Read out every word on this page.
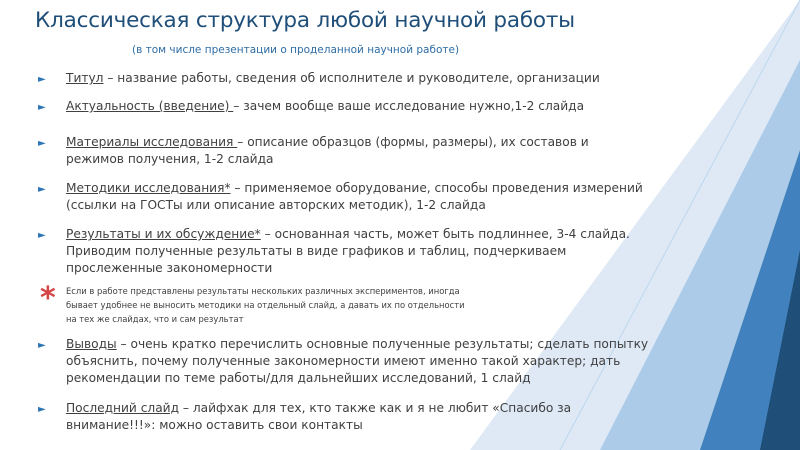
Классическая структура любой научной работы
(в том числе презентации о проделанной научной работе)
► Титул – название работы, сведения об исполнителе и руководителе, организации
► Актуальность (введение) – зачем вообще ваше исследование нужно,1-2 слайда
► Материалы исследования – описание образцов (формы, размеры), их составов и
режимов получения, 1-2 слайда
► Методики исследования* – применяемое оборудование, способы проведения измерений
(ссылки на ГОСТы или описание авторских методик), 1-2 слайда
► Результаты и их обсуждение* – основанная часть, может быть подлиннее, 3-4 слайда.
Приводим полученные результаты в виде графиков и таблиц, подчеркиваем
прослеженные закономерности
* Если в работе представлены результаты нескольких различных экспериментов, иногда
бывает удобнее не выносить методики на отдельный слайд, а давать их по отдельности
на тех же слайдах, что и сам результат
► Выводы – очень кратко перечислить основные полученные результаты; сделать попытку
объяснить, почему полученные закономерности имеют именно такой характер; дать
рекомендации по теме работы/для дальнейших исследований, 1 слайд
► Последний слайд – лайфхак для тех, кто также как и я не любит «Спасибо за
внимание!!!»: можно оставить свои контакты
